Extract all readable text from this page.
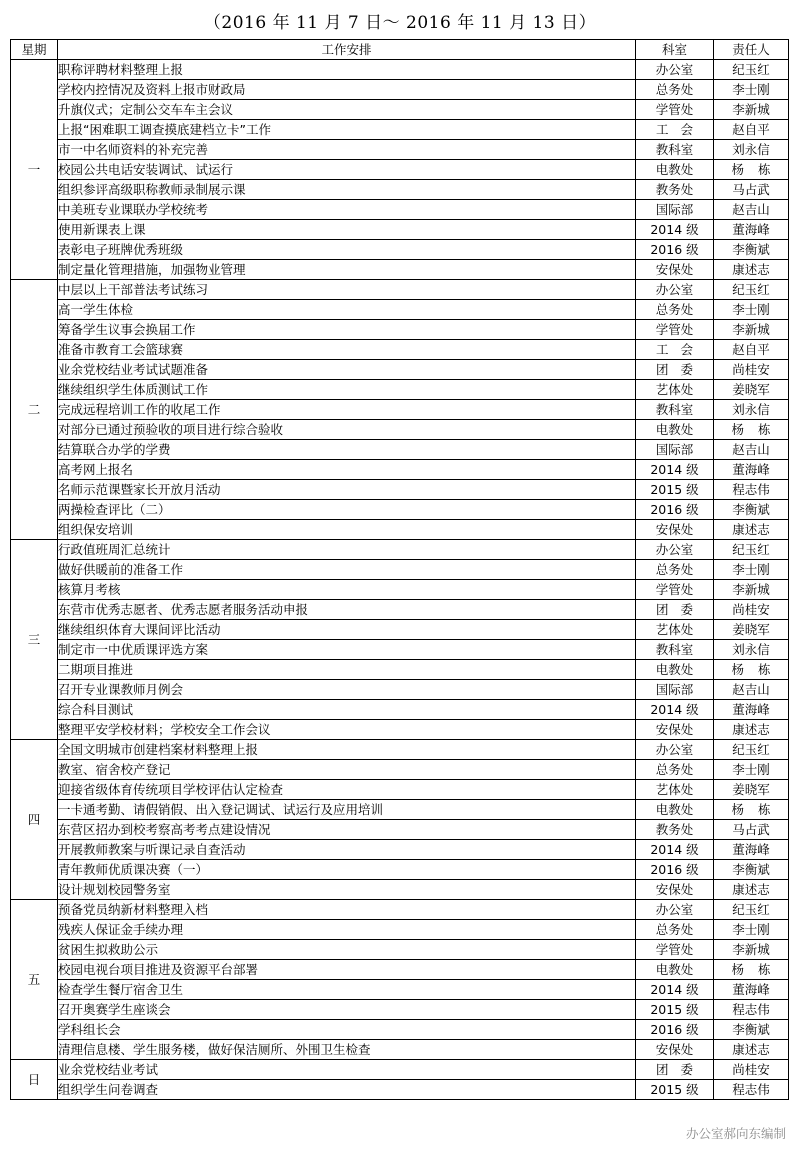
（2016 年 11 月 7 日～ 2016 年 11 月 13 日）
星期	工作安排	科室	责任人
一	职称评聘材料整理上报	办公室	纪玉红
	学校内控情况及资料上报市财政局	总务处	李士刚
	升旗仪式；定制公交车车主会议	学管处	李新城
	上报“困难职工调查摸底建档立卡”工作	工 会	赵自平
	市一中名师资料的补充完善	教科室	刘永信
	校园公共电话安装调试、试运行	电教处	杨 栋
	组织参评高级职称教师录制展示课	教务处	马占武
	中美班专业课联办学校统考	国际部	赵吉山
	使用新课表上课	2014 级	董海峰
	表彰电子班牌优秀班级	2016 级	李衡斌
	制定量化管理措施，加强物业管理	安保处	康述志
二	中层以上干部普法考试练习	办公室	纪玉红
	高一学生体检	总务处	李士刚
	筹备学生议事会换届工作	学管处	李新城
	准备市教育工会篮球赛	工 会	赵自平
	业余党校结业考试试题准备	团 委	尚桂安
	继续组织学生体质测试工作	艺体处	姜晓军
	完成远程培训工作的收尾工作	教科室	刘永信
	对部分已通过预验收的项目进行综合验收	电教处	杨 栋
	结算联合办学的学费	国际部	赵吉山
	高考网上报名	2014 级	董海峰
	名师示范课暨家长开放月活动	2015 级	程志伟
	两操检查评比（二）	2016 级	李衡斌
	组织保安培训	安保处	康述志
三	行政值班周汇总统计	办公室	纪玉红
	做好供暖前的准备工作	总务处	李士刚
	核算月考核	学管处	李新城
	东营市优秀志愿者、优秀志愿者服务活动申报	团 委	尚桂安
	继续组织体育大课间评比活动	艺体处	姜晓军
	制定市一中优质课评选方案	教科室	刘永信
	二期项目推进	电教处	杨 栋
	召开专业课教师月例会	国际部	赵吉山
	综合科目测试	2014 级	董海峰
	整理平安学校材料；学校安全工作会议	安保处	康述志
四	全国文明城市创建档案材料整理上报	办公室	纪玉红
	教室、宿舍校产登记	总务处	李士刚
	迎接省级体育传统项目学校评估认定检查	艺体处	姜晓军
	一卡通考勤、请假销假、出入登记调试、试运行及应用培训	电教处	杨 栋
	东营区招办到校考察高考考点建设情况	教务处	马占武
	开展教师教案与听课记录自查活动	2014 级	董海峰
	青年教师优质课决赛（一）	2016 级	李衡斌
	设计规划校园警务室	安保处	康述志
五	预备党员纳新材料整理入档	办公室	纪玉红
	残疾人保证金手续办理	总务处	李士刚
	贫困生拟救助公示	学管处	李新城
	校园电视台项目推进及资源平台部署	电教处	杨 栋
	检查学生餐厅宿舍卫生	2014 级	董海峰
	召开奥赛学生座谈会	2015 级	程志伟
	学科组长会	2016 级	李衡斌
	清理信息楼、学生服务楼，做好保洁厕所、外围卫生检查	安保处	康述志
日	业余党校结业考试	团 委	尚桂安
	组织学生问卷调查	2015 级	程志伟
办公室郝向东编制
